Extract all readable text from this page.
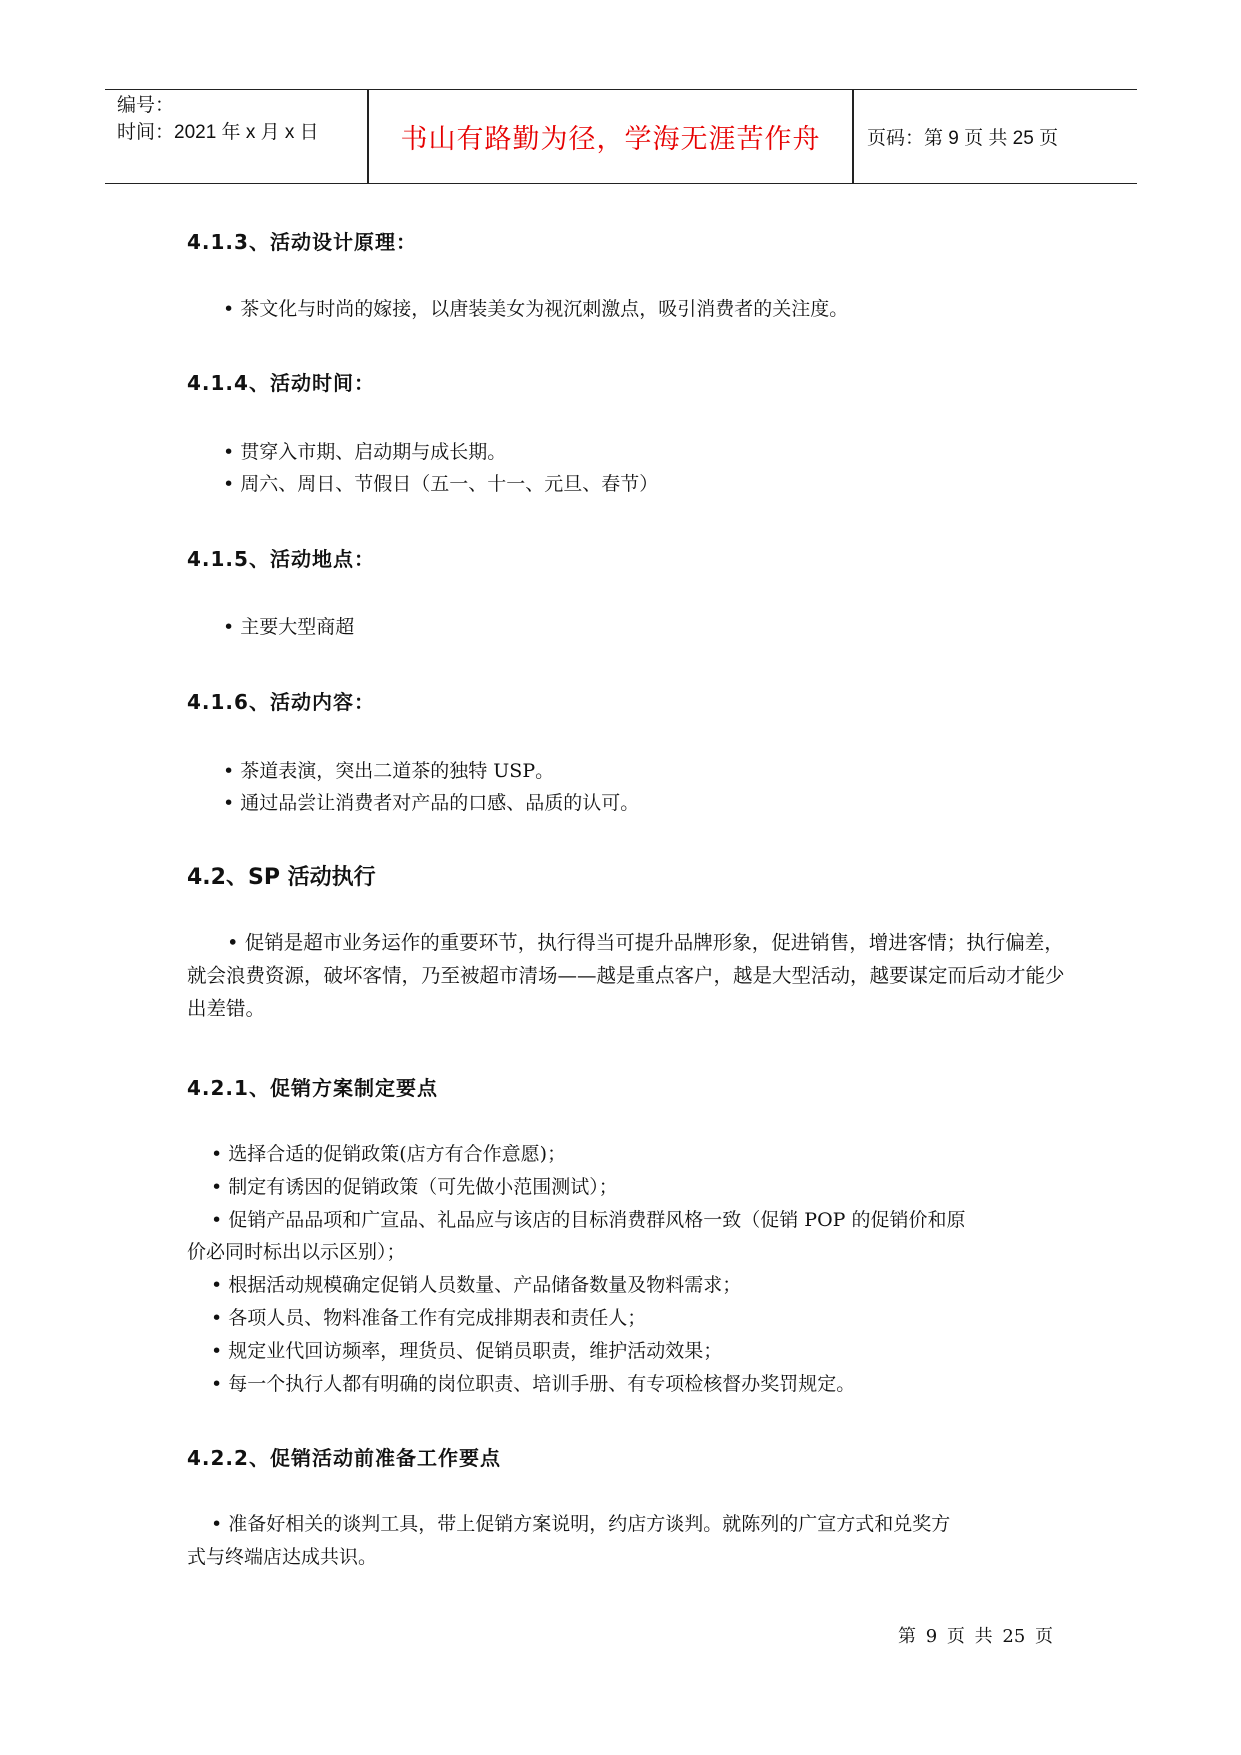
编号：
时间：2021 年 x 月 x 日	书山有路勤为径，学海无涯苦作舟	页码：第 9 页 共 25 页
4.1.3、活动设计原理：
• 茶文化与时尚的嫁接，以唐装美女为视沉刺激点，吸引消费者的关注度。
4.1.4、活动时间：
• 贯穿入市期、启动期与成长期。
• 周六、周日、节假日（五一、十一、元旦、春节）
4.1.5、活动地点：
• 主要大型商超
4.1.6、活动内容：
• 茶道表演，突出二道茶的独特 USP。
• 通过品尝让消费者对产品的口感、品质的认可。
4.2、SP 活动执行
• 促销是超市业务运作的重要环节，执行得当可提升品牌形象，促进销售，增进客情；执行偏差，就会浪费资源，破坏客情，乃至被超市清场——越是重点客户，越是大型活动，越要谋定而后动才能少出差错。
4.2.1、促销方案制定要点
• 选择合适的促销政策(店方有合作意愿)；
• 制定有诱因的促销政策（可先做小范围测试）；
• 促销产品品项和广宣品、礼品应与该店的目标消费群风格一致（促销 POP 的促销价和原
价必同时标出以示区别）；
• 根据活动规模确定促销人员数量、产品储备数量及物料需求；
• 各项人员、物料准备工作有完成排期表和责任人；
• 规定业代回访频率，理货员、促销员职责，维护活动效果；
• 每一个执行人都有明确的岗位职责、培训手册、有专项检核督办奖罚规定。
4.2.2、促销活动前准备工作要点
• 准备好相关的谈判工具，带上促销方案说明，约店方谈判。就陈列的广宣方式和兑奖方
式与终端店达成共识。
第 9 页 共 25 页
